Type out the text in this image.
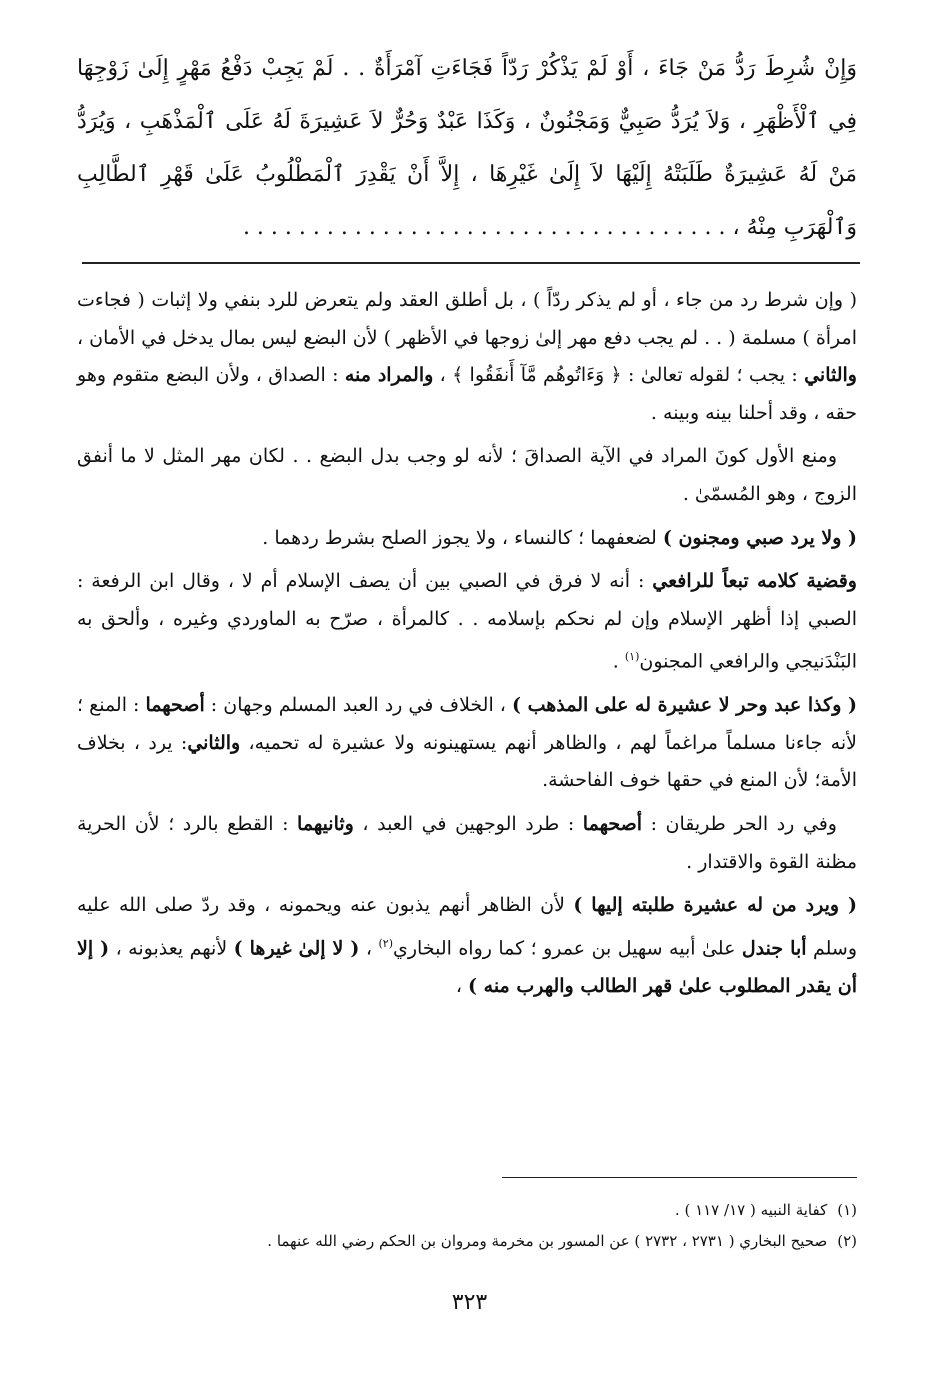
وَإِنْ شُرِطَ رَدُّ مَنْ جَاءَ ، أَوْ لَمْ يَذْكُرْ رَدّاً فَجَاءَتِ آمْرَأَةٌ . . لَمْ يَجِبْ دَفْعُ مَهْرٍ إِلَىٰ زَوْجِهَا فِي ٱلْأَظْهَرِ ، وَلاَ يُرَدُّ صَبِيٌّ وَمَجْنُونٌ ، وَكَذَا عَبْدٌ وَحُرٌّ لاَ عَشِيرَةَ لَهُ عَلَى ٱلْمَذْهَبِ ، وَيُرَدُّ مَنْ لَهُ عَشِيرَةٌ طَلَبَتْهُ إِلَيْهَا لاَ إِلَىٰ غَيْرِهَا ، إِلاَّ أَنْ يَقْدِرَ ٱلْمَطْلُوبُ عَلَىٰ قَهْرِ ٱلطَّالِبِ وَٱلْهَرَبِ مِنْهُ ، . . . . . . . . . . . . . . . . . . . . . . . . . . . . . . . . . . .

( وإن شرط رد من جاء ، أو لم يذكر ردّاً ) ، بل أطلق العقد ولم يتعرض للرد بنفي ولا إثبات ( فجاءت امرأة ) مسلمة ( . . لم يجب دفع مهر إلىٰ زوجها في الأظهر ) لأن البضع ليس بمال يدخل في الأمان ، والثاني : يجب ؛ لقوله تعالىٰ : ﴿ وَءَاتُوهُم مَّآ أَنفَقُوا ﴾ ، والمراد منه : الصداق ، ولأن البضع متقوم وهو حقه ، وقد أحلنا بينه وبينه .

ومنع الأول كونَ المراد في الآية الصداقَ ؛ لأنه لو وجب بدل البضع . . لكان مهر المثل لا ما أنفق الزوج ، وهو المُسمّىٰ .

( ولا يرد صبي ومجنون ) لضعفهما ؛ كالنساء ، ولا يجوز الصلح بشرط ردهما .

وقضية كلامه تبعاً للرافعي : أنه لا فرق في الصبي بين أن يصف الإسلام أم لا ، وقال ابن الرفعة : الصبي إذا أظهر الإسلام وإن لم نحكم بإسلامه . . كالمرأة ، صرّح به الماوردي وغيره ، وألحق به البَنْدَنيجي والرافعي المجنون$^{(١)}$ .

( وكذا عبد وحر لا عشيرة له على المذهب ) ، الخلاف في رد العبد المسلم وجهان : أصحهما : المنع ؛ لأنه جاءنا مسلماً مراغماً لهم ، والظاهر أنهم يستهينونه ولا عشيرة له تحميه، والثاني: يرد ، بخلاف الأمة؛ لأن المنع في حقها خوف الفاحشة.

وفي رد الحر طريقان : أصحهما : طرد الوجهين في العبد ، وثانيهما : القطع بالرد ؛ لأن الحرية مظنة القوة والاقتدار .

( ويرد من له عشيرة طلبته إليها ) لأن الظاهر أنهم يذبون عنه ويحمونه ، وقد ردّ صلى الله عليه وسلم أبا جندل علىٰ أبيه سهيل بن عمرو ؛ كما رواه البخاري$^{(٢)}$ ، ( لا إلىٰ غيرها ) لأنهم يعذبونه ، ( إلا أن يقدر المطلوب علىٰ قهر الطالب والهرب منه ) ،

(١)كفاية النبيه ( ١٧/ ١١٧ ) .
(٢)صحيح البخاري ( ٢٧٣١ ، ٢٧٣٢ ) عن المسور بن مخرمة ومروان بن الحكم رضي الله عنهما .
٣٢٣
